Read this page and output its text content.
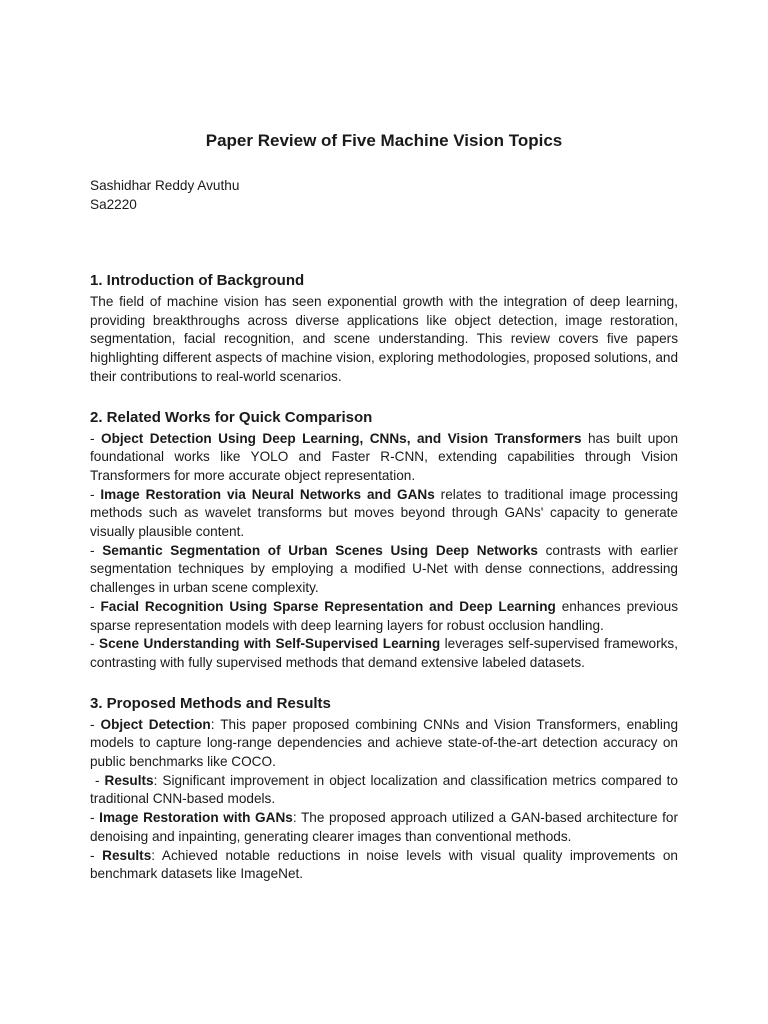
Paper Review of Five Machine Vision Topics
Sashidhar Reddy Avuthu
Sa2220
1. Introduction of Background

The field of machine vision has seen exponential growth with the integration of deep learning, providing breakthroughs across diverse applications like object detection, image restoration, segmentation, facial recognition, and scene understanding. This review covers five papers highlighting different aspects of machine vision, exploring methodologies, proposed solutions, and their contributions to real-world scenarios.

2. Related Works for Quick Comparison

- Object Detection Using Deep Learning, CNNs, and Vision Transformers has built upon foundational works like YOLO and Faster R-CNN, extending capabilities through Vision Transformers for more accurate object representation.

- Image Restoration via Neural Networks and GANs relates to traditional image processing methods such as wavelet transforms but moves beyond through GANs' capacity to generate visually plausible content.

- Semantic Segmentation of Urban Scenes Using Deep Networks contrasts with earlier segmentation techniques by employing a modified U-Net with dense connections, addressing challenges in urban scene complexity.

- Facial Recognition Using Sparse Representation and Deep Learning enhances previous sparse representation models with deep learning layers for robust occlusion handling.

- Scene Understanding with Self-Supervised Learning leverages self-supervised frameworks, contrasting with fully supervised methods that demand extensive labeled datasets.

3. Proposed Methods and Results

- Object Detection: This paper proposed combining CNNs and Vision Transformers, enabling models to capture long-range dependencies and achieve state-of-the-art detection accuracy on public benchmarks like COCO.

- Results: Significant improvement in object localization and classification metrics compared to traditional CNN-based models.

- Image Restoration with GANs: The proposed approach utilized a GAN-based architecture for denoising and inpainting, generating clearer images than conventional methods.

- Results: Achieved notable reductions in noise levels with visual quality improvements on benchmark datasets like ImageNet.
